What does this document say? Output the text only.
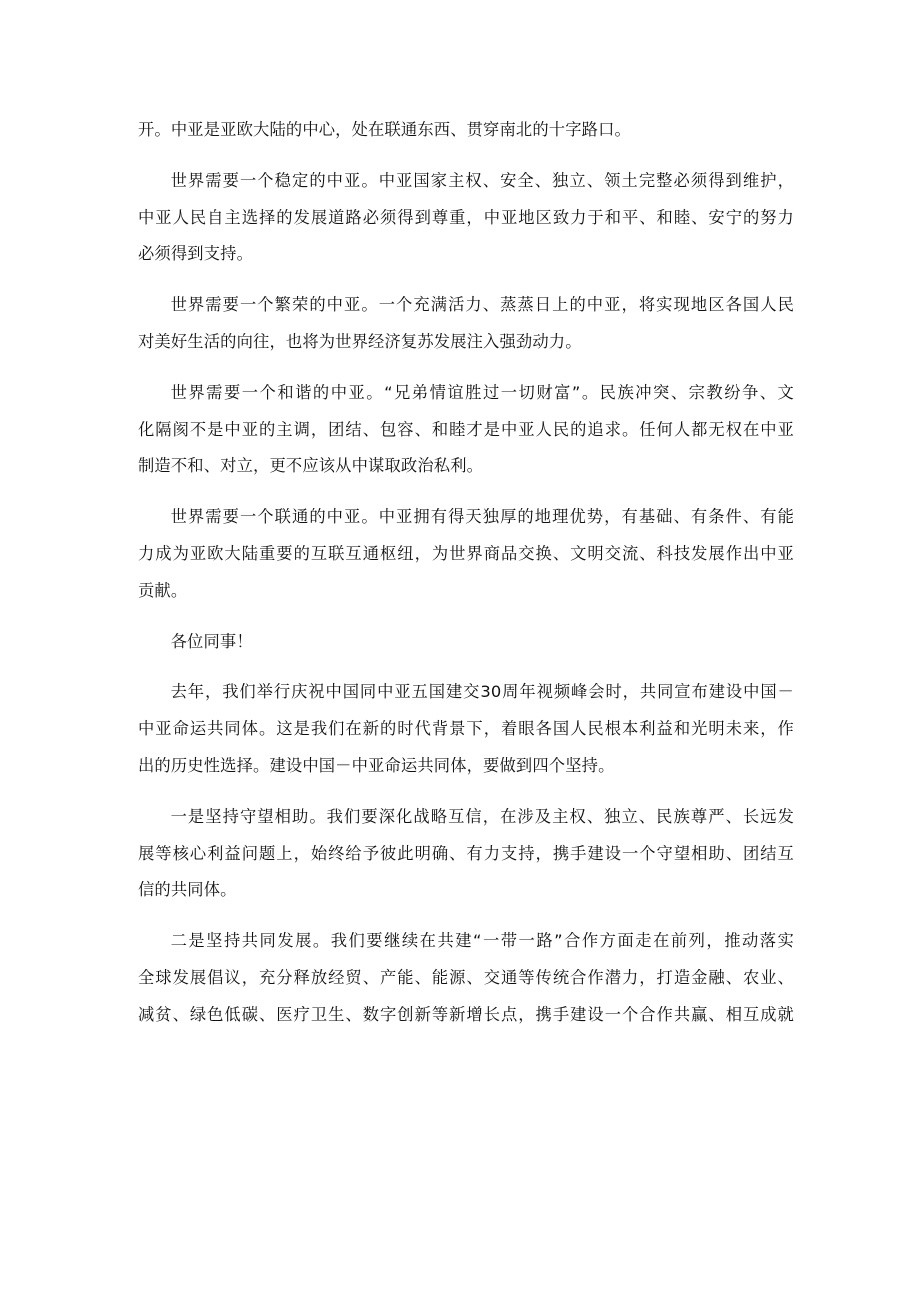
开。中亚是亚欧大陆的中心，处在联通东西、贯穿南北的十字路口。

世界需要一个稳定的中亚。中亚国家主权、安全、独立、领土完整必须得到维护，
中亚人民自主选择的发展道路必须得到尊重，中亚地区致力于和平、和睦、安宁的努力
必须得到支持。

世界需要一个繁荣的中亚。一个充满活力、蒸蒸日上的中亚，将实现地区各国人民
对美好生活的向往，也将为世界经济复苏发展注入强劲动力。

世界需要一个和谐的中亚。“兄弟情谊胜过一切财富”。民族冲突、宗教纷争、文
化隔阂不是中亚的主调，团结、包容、和睦才是中亚人民的追求。任何人都无权在中亚
制造不和、对立，更不应该从中谋取政治私利。

世界需要一个联通的中亚。中亚拥有得天独厚的地理优势，有基础、有条件、有能
力成为亚欧大陆重要的互联互通枢纽，为世界商品交换、文明交流、科技发展作出中亚
贡献。

各位同事！

去年，我们举行庆祝中国同中亚五国建交30周年视频峰会时，共同宣布建设中国－
中亚命运共同体。这是我们在新的时代背景下，着眼各国人民根本利益和光明未来，作
出的历史性选择。建设中国－中亚命运共同体，要做到四个坚持。

一是坚持守望相助。我们要深化战略互信，在涉及主权、独立、民族尊严、长远发
展等核心利益问题上，始终给予彼此明确、有力支持，携手建设一个守望相助、团结互
信的共同体。

二是坚持共同发展。我们要继续在共建“一带一路”合作方面走在前列，推动落实
全球发展倡议，充分释放经贸、产能、能源、交通等传统合作潜力，打造金融、农业、
减贫、绿色低碳、医疗卫生、数字创新等新增长点，携手建设一个合作共赢、相互成就
